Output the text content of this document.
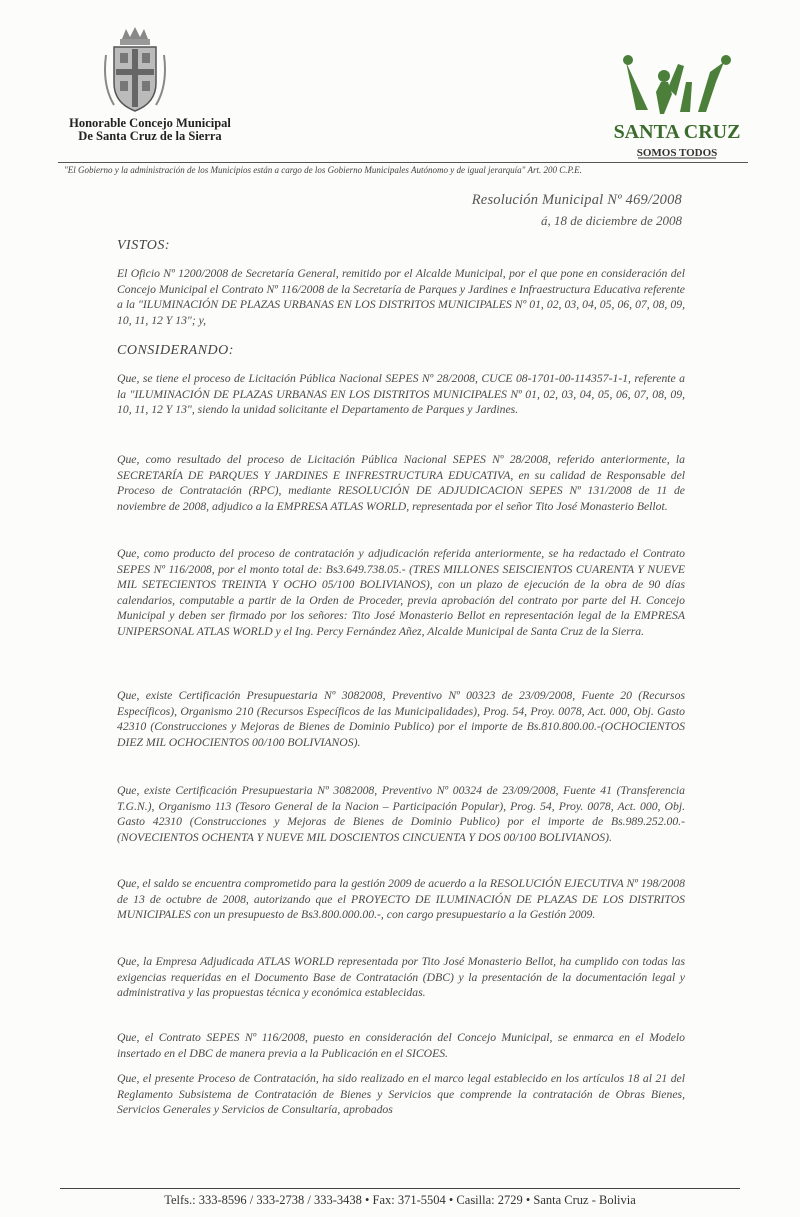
Honorable Concejo Municipal
De Santa Cruz de la Sierra	SANTA CRUZ
SOMOS TODOS
"El Gobierno y la administración de los Municipios están a cargo de los Gobierno Municipales Autónomo y de igual jerarquía" Art. 200 C.P.E.
Resolución Municipal Nº 469/2008
á, 18 de diciembre de 2008
VISTOS:

El Oficio Nº 1200/2008 de Secretaría General, remitido por el Alcalde Municipal, por el que pone en consideración del Concejo Municipal el Contrato Nº 116/2008 de la Secretaría de Parques y Jardines e Infraestructura Educativa referente a la "ILUMINACIÓN DE PLAZAS URBANAS EN LOS DISTRITOS MUNICIPALES Nº 01, 02, 03, 04, 05, 06, 07, 08, 09, 10, 11, 12 Y 13"; y,

CONSIDERANDO:

Que, se tiene el proceso de Licitación Pública Nacional SEPES Nº 28/2008, CUCE 08-1701-00-114357-1-1, referente a la "ILUMINACIÓN DE PLAZAS URBANAS EN LOS DISTRITOS MUNICIPALES Nº 01, 02, 03, 04, 05, 06, 07, 08, 09, 10, 11, 12 Y 13", siendo la unidad solicitante el Departamento de Parques y Jardines.

Que, como resultado del proceso de Licitación Pública Nacional SEPES Nº 28/2008, referido anteriormente, la SECRETARÍA DE PARQUES Y JARDINES E INFRESTRUCTURA EDUCATIVA, en su calidad de Responsable del Proceso de Contratación (RPC), mediante RESOLUCIÓN DE ADJUDICACION SEPES Nº 131/2008 de 11 de noviembre de 2008, adjudico a la EMPRESA ATLAS WORLD, representada por el señor Tito José Monasterio Bellot.

Que, como producto del proceso de contratación y adjudicación referida anteriormente, se ha redactado el Contrato SEPES Nº 116/2008, por el monto total de: Bs3.649.738.05.- (TRES MILLONES SEISCIENTOS CUARENTA Y NUEVE MIL SETECIENTOS TREINTA Y OCHO 05/100 BOLIVIANOS), con un plazo de ejecución de la obra de 90 días calendarios, computable a partir de la Orden de Proceder, previa aprobación del contrato por parte del H. Concejo Municipal y deben ser firmado por los señores: Tito José Monasterio Bellot en representación legal de la EMPRESA UNIPERSONAL ATLAS WORLD y el Ing. Percy Fernández Añez, Alcalde Municipal de Santa Cruz de la Sierra.

Que, existe Certificación Presupuestaria Nº 3082008, Preventivo Nº 00323 de 23/09/2008, Fuente 20 (Recursos Específicos), Organismo 210 (Recursos Específicos de las Municipalidades), Prog. 54, Proy. 0078, Act. 000, Obj. Gasto 42310 (Construcciones y Mejoras de Bienes de Dominio Publico) por el importe de Bs.810.800.00.-(OCHOCIENTOS DIEZ MIL OCHOCIENTOS 00/100 BOLIVIANOS).

Que, existe Certificación Presupuestaria Nº 3082008, Preventivo Nº 00324 de 23/09/2008, Fuente 41 (Transferencia T.G.N.), Organismo 113 (Tesoro General de la Nacion – Participación Popular), Prog. 54, Proy. 0078, Act. 000, Obj. Gasto 42310 (Construcciones y Mejoras de Bienes de Dominio Publico) por el importe de Bs.989.252.00.-(NOVECIENTOS OCHENTA Y NUEVE MIL DOSCIENTOS CINCUENTA Y DOS 00/100 BOLIVIANOS).

Que, el saldo se encuentra comprometido para la gestión 2009 de acuerdo a la RESOLUCIÓN EJECUTIVA Nº 198/2008 de 13 de octubre de 2008, autorizando que el PROYECTO DE ILUMINACIÓN DE PLAZAS DE LOS DISTRITOS MUNICIPALES con un presupuesto de Bs3.800.000.00.-, con cargo presupuestario a la Gestión 2009.

Que, la Empresa Adjudicada ATLAS WORLD representada por Tito José Monasterio Bellot, ha cumplido con todas las exigencias requeridas en el Documento Base de Contratación (DBC) y la presentación de la documentación legal y administrativa y las propuestas técnica y económica establecidas.

Que, el Contrato SEPES Nº 116/2008, puesto en consideración del Concejo Municipal, se enmarca en el Modelo insertado en el DBC de manera previa a la Publicación en el SICOES.

Que, el presente Proceso de Contratación, ha sido realizado en el marco legal establecido en los artículos 18 al 21 del Reglamento Subsistema de Contratación de Bienes y Servicios que comprende la contratación de Obras Bienes, Servicios Generales y Servicios de Consultaría, aprobados

Telfs.: 333-8596 / 333-2738 / 333-3438 • Fax: 371-5504 • Casilla: 2729 • Santa Cruz - Bolivia
